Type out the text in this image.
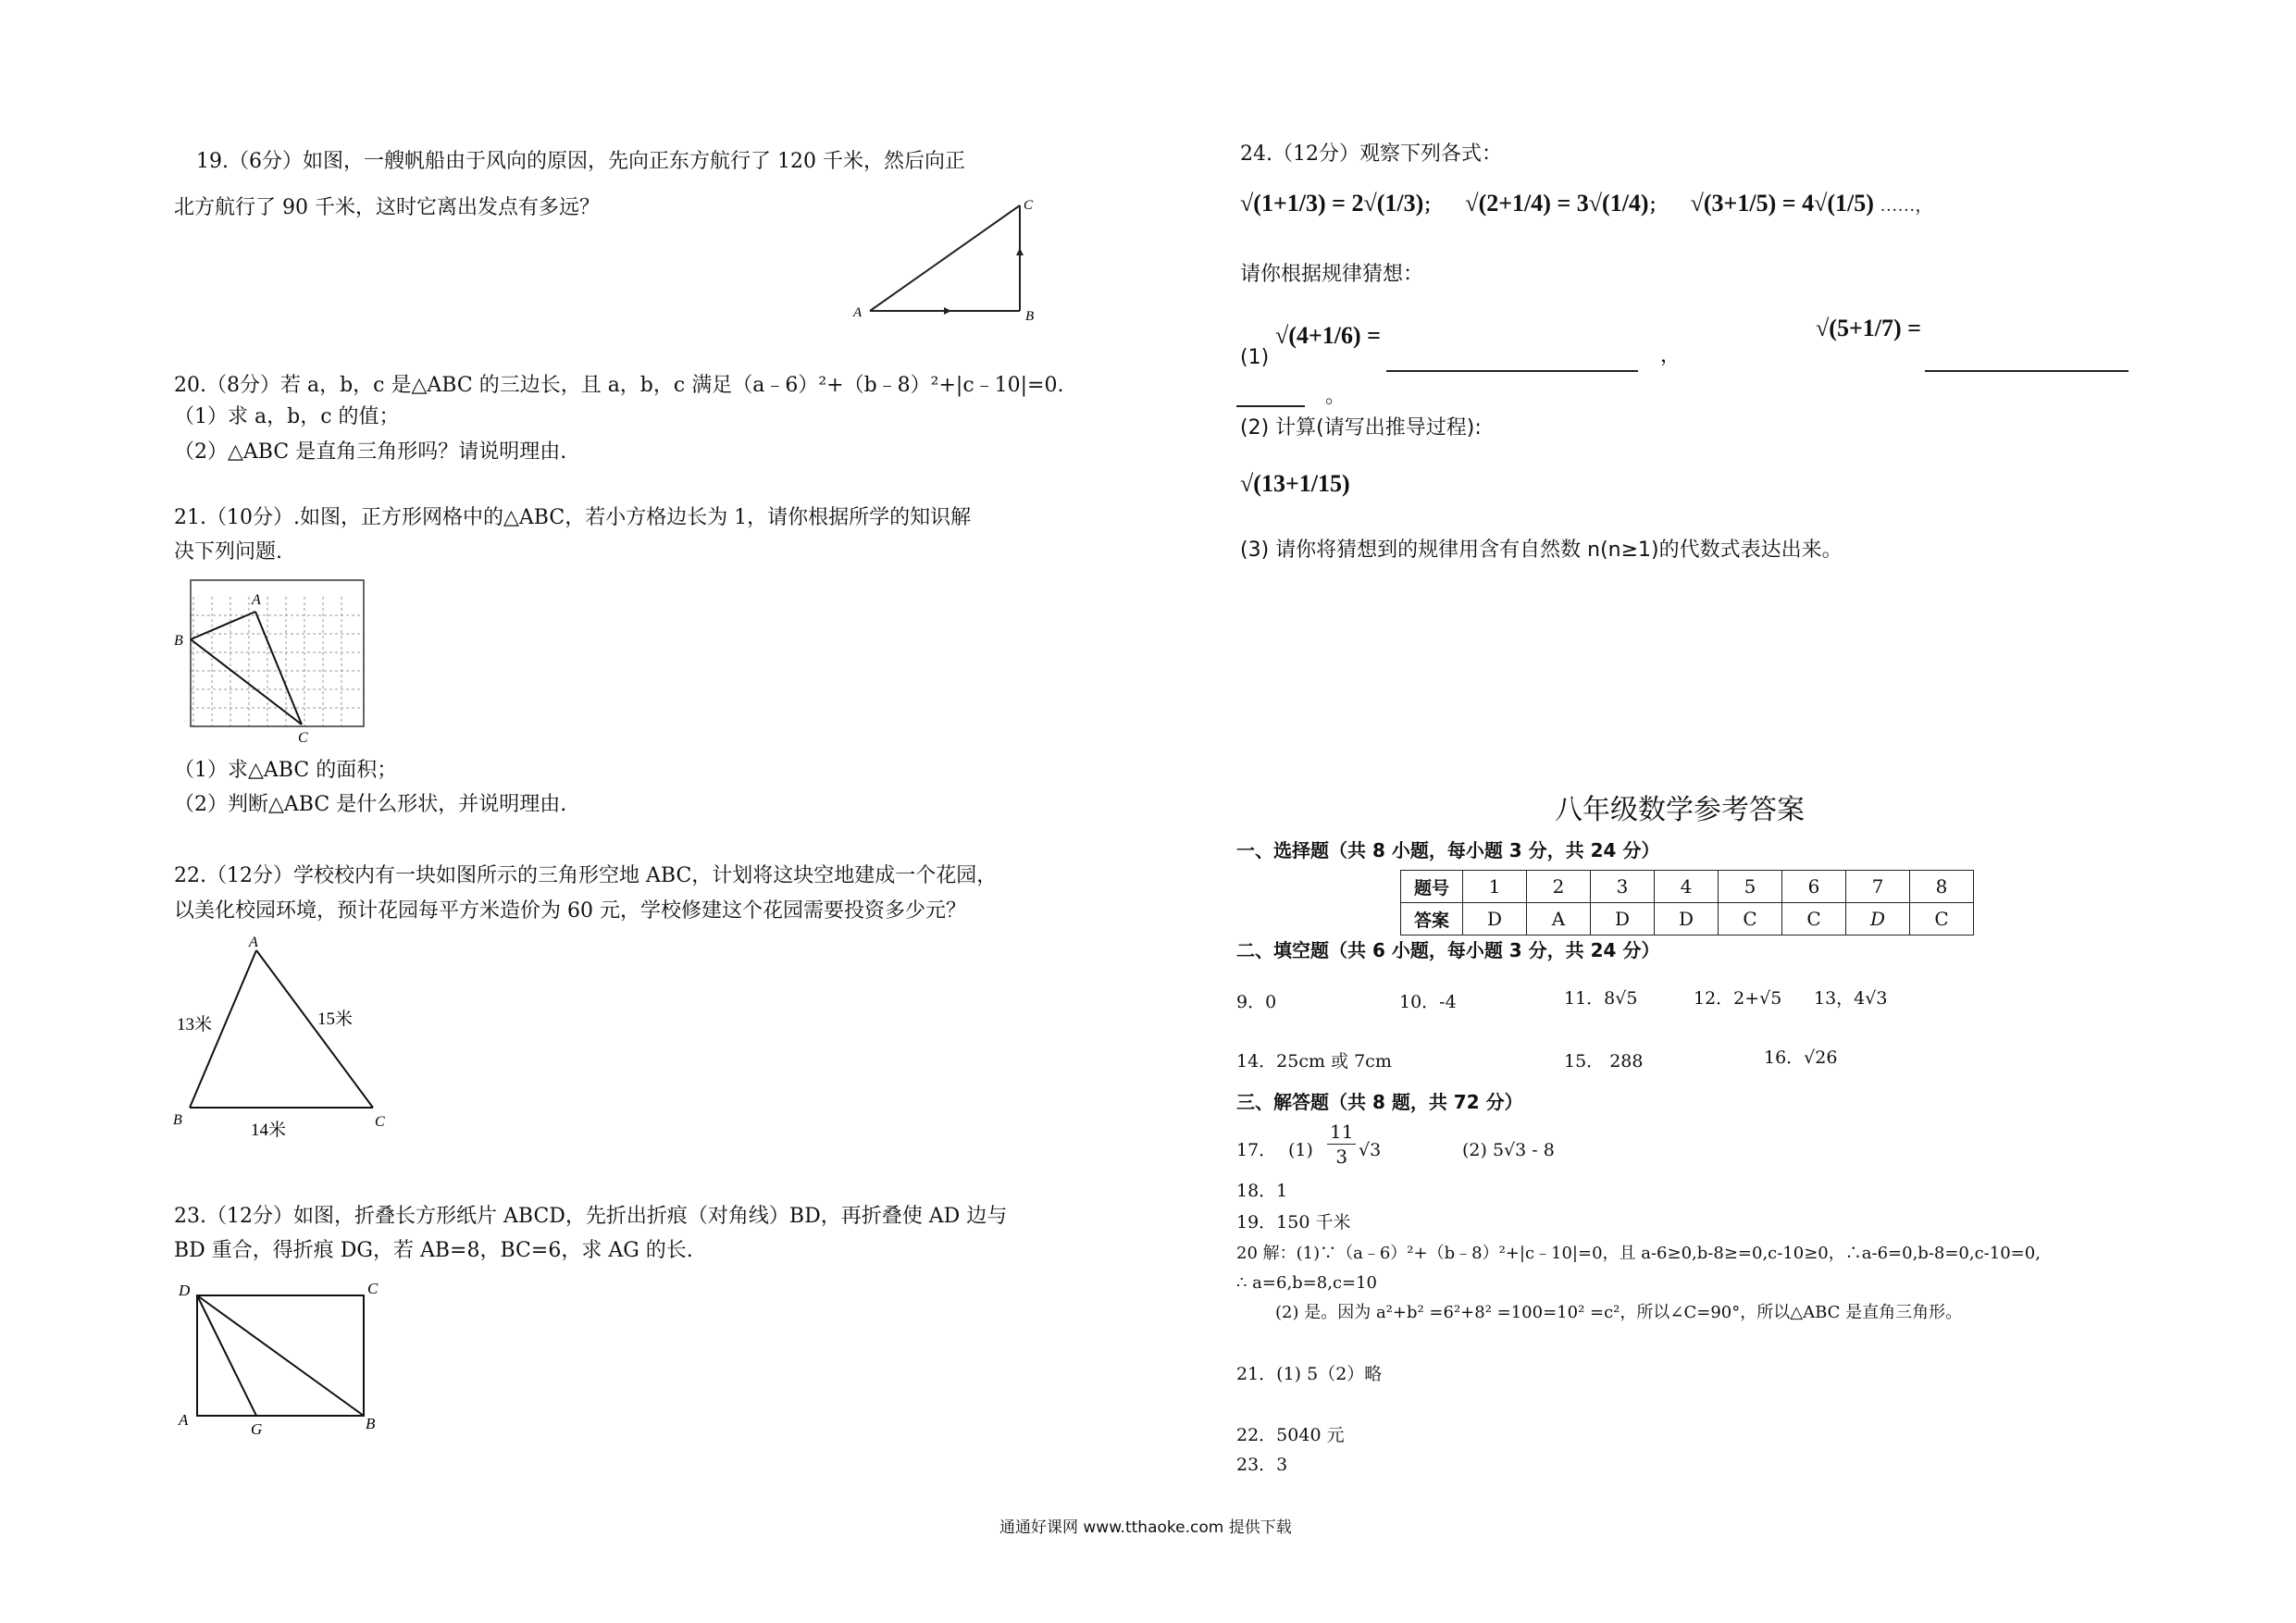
19.（6分）如图，一艘帆船由于风向的原因，先向正东方航行了 120 千米，然后向正
北方航行了 90 千米，这时它离出发点有多远？
A	B
C
20.（8分）若 a，b，c 是△ABC 的三边长，且 a，b，c 满足（a﹣6）²+（b﹣8）²+|c﹣10|=0.
（1）求 a，b，c 的值；
（2）△ABC 是直角三角形吗？请说明理由.
21.（10分）.如图，正方形网格中的△ABC，若小方格边长为 1，请你根据所学的知识解
决下列问题.
B
A
C
（1）求△ABC 的面积；
（2）判断△ABC 是什么形状，并说明理由.
22.（12分）学校校内有一块如图所示的三角形空地 ABC，计划将这块空地建成一个花园，
以美化校园环境，预计花园每平方米造价为 60 元，学校修建这个花园需要投资多少元？
A
B	C
13米	15米
14米
23.（12分）如图，折叠长方形纸片 ABCD，先折出折痕（对角线）BD，再折叠使 AD 边与
BD 重合，得折痕 DG，若 AB=8，BC=6，求 AG 的长.
D	C
A	B
G
24.（12分）观察下列各式：
√(1+1/3) = 2√(1/3)； √(2+1/4) = 3√(1/4)； √(3+1/5) = 4√(1/5) ……，
请你根据规律猜想：
(1)
√(4+1/6) =
，
√(5+1/7) =
。
(2) 计算(请写出推导过程):
√(13+1/15)
(3) 请你将猜想到的规律用含有自然数 n(n≥1)的代数式表达出来。
八年级数学参考答案
一、选择题（共 8 小题，每小题 3 分，共 24 分）
题号	1	2	3	4	5	6	7	8
答案	D	A	D	D	C	C	D	C
二、填空题（共 6 小题，每小题 3 分，共 24 分）
9．0	10．-4	11．8√5	12．2+√5 13，4√3
14．25cm 或 7cm	15． 288	16．√26
三、解答题（共 8 题，共 72 分）
17． (1)
11
3 √3	(2) 5√3 - 8
18．1
19．150 千米
20 解：(1)∵（a﹣6）²+（b﹣8）²+|c﹣10|=0，且 a-6≥0,b-8≥=0,c-10≥0，∴a-6=0,b-8=0,c-10=0,
∴ a=6,b=8,c=10
(2) 是。因为 a²+b² =6²+8² =100=10² =c²，所以∠C=90°，所以△ABC 是直角三角形。
21．(1) 5（2）略
22．5040 元
23．3
通通好课网 www.tthaoke.com 提供下载
